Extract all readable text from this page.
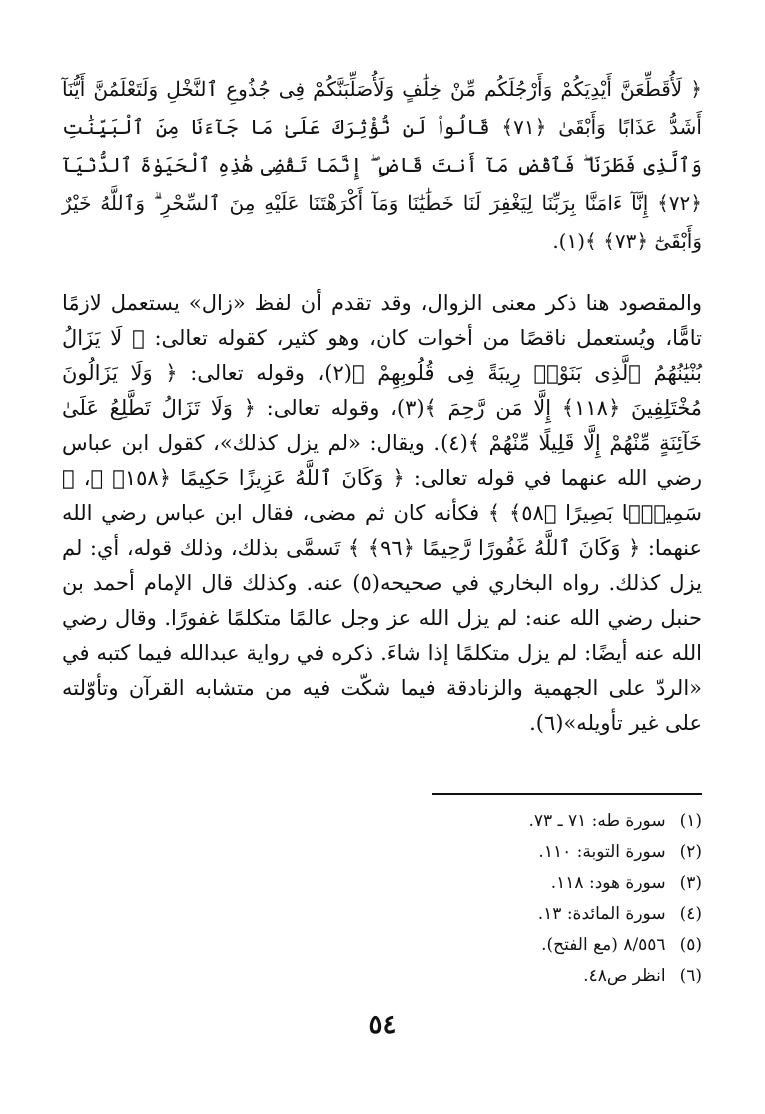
﴿ لَأُقَطِّعَنَّ أَيْدِيَكُمْ وَأَرْجُلَكُم مِّنْ خِلَٰفٍ وَلَأُصَلِّبَنَّكُمْ فِى جُذُوعِ ٱلنَّخْلِ وَلَتَعْلَمُنَّ أَيُّنَآ أَشَدُّ عَذَابًا وَأَبْقَىٰ ﴿٧١﴾ قَالُوا۟ لَن نُّؤْثِرَكَ عَلَىٰ مَا جَآءَنَا مِنَ ٱلْبَيِّنَٰتِ وَٱلَّذِى فَطَرَنَا ۖ فَٱقْضِ مَآ أَنتَ قَاضٍ ۖ إِنَّمَا تَقْضِى هَٰذِهِ ٱلْحَيَوٰةَ ٱلدُّنْيَآ ﴿٧٢﴾ إِنَّآ ءَامَنَّا بِرَبِّنَا لِيَغْفِرَ لَنَا خَطَٰيَٰنَا وَمَآ أَكْرَهْتَنَا عَلَيْهِ مِنَ ٱلسِّحْرِ ۗ وَٱللَّهُ خَيْرٌ وَأَبْقَىٰٓ ﴿٧٣﴾ ﴾(١).

والمقصود هنا ذكر معنى الزوال، وقد تقدم أن لفظ «زال» يستعمل لازمًا تامًّا، ويُستعمل ناقصًا من أخوات كان، وهو كثير، كقوله تعالى: ﴿ لَا يَزَالُ بُنْيَٰنُهُمُ ٱلَّذِى بَنَوْا۟ رِيبَةً فِى قُلُوبِهِمْ ﴾(٢)، وقوله تعالى: ﴿ وَلَا يَزَالُونَ مُخْتَلِفِينَ ﴿١١٨﴾ إِلَّا مَن رَّحِمَ ﴾(٣)، وقوله تعالى: ﴿ وَلَا تَزَالُ تَطَّلِعُ عَلَىٰ خَآئِنَةٍ مِّنْهُمْ إِلَّا قَلِيلًا مِّنْهُمْ ﴾(٤). ويقال: «لم يزل كذلك»، كقول ابن عباس رضي الله عنهما في قوله تعالى: ﴿ وَكَانَ ٱللَّهُ عَزِيزًا حَكِيمًا ﴿١٥٨﴾ ﴾، ﴿ سَمِيعًۢا بَصِيرًا ﴿٥٨﴾ ﴾ فكأنه كان ثم مضى، فقال ابن عباس رضي الله عنهما: ﴿ وَكَانَ ٱللَّهُ غَفُورًا رَّحِيمًا ﴿٩٦﴾ ﴾ تَسمَّى بذلك، وذلك قوله، أي: لم يزل كذلك. رواه البخاري في صحيحه(٥) عنه. وكذلك قال الإمام أحمد بن حنبل رضي الله عنه: لم يزل الله عز وجل عالمًا متكلمًا غفورًا. وقال رضي الله عنه أيضًا: لم يزل متكلمًا إذا شاءَ. ذكره في رواية عبدالله فيما كتبه في «الردّ على الجهمية والزنادقة فيما شكّت فيه من متشابه القرآن وتأوّلته على غير تأويله»(٦).

(١)سورة طه: ٧١ ـ ٧٣.
(٢)سورة التوبة: ١١٠.
(٣)سورة هود: ١١٨.
(٤)سورة المائدة: ١٣.
(٥)٨/٥٥٦ (مع الفتح).
(٦)انظر ص٤٨.
٥٤
